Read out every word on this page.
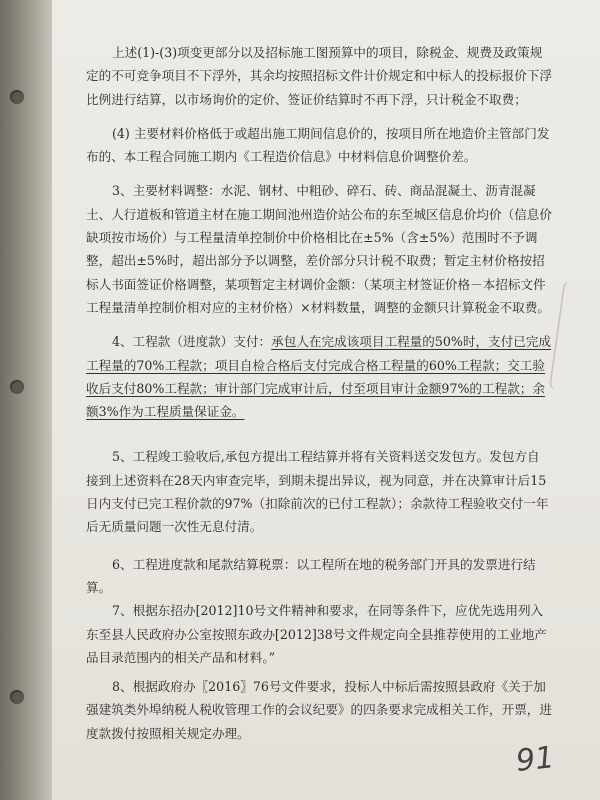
上述(1)-(3)项变更部分以及招标施工图预算中的项目，除税金、规费及政策规定的不可竞争项目不下浮外，其余均按照招标文件计价规定和中标人的投标报价下浮比例进行结算，以市场询价的定价、签证价结算时不再下浮，只计税金不取费；

(4) 主要材料价格低于或超出施工期间信息价的，按项目所在地造价主管部门发布的、本工程合同施工期内《工程造价信息》中材料信息价调整价差。

3、主要材料调整：水泥、钢材、中粗砂、碎石、砖、商品混凝土、沥青混凝土、人行道板和管道主材在施工期间池州造价站公布的东至城区信息价均价（信息价缺项按市场价）与工程量清单控制价中价格相比在±5%（含±5%）范围时不予调整，超出±5%时，超出部分予以调整，差价部分只计税不取费；暂定主材价格按招标人书面签证价格调整，某项暂定主材调价金额：（某项主材签证价格－本招标文件工程量清单控制价相对应的主材价格）×材料数量，调整的金额只计算税金不取费。

4、工程款（进度款）支付：承包人在完成该项目工程量的50%时，支付已完成工程量的70%工程款；项目自检合格后支付完成合格工程量的60%工程款；交工验收后支付80%工程款；审计部门完成审计后，付至项目审计金额97%的工程款；余额3%作为工程质量保证金。

5、工程竣工验收后,承包方提出工程结算并将有关资料送交发包方。发包方自接到上述资料在28天内审查完毕，到期未提出异议，视为同意，并在决算审计后15日内支付已完工程价款的97%（扣除前次的已付工程款）；余款待工程验收交付一年后无质量问题一次性无息付清。

6、工程进度款和尾款结算税票：以工程所在地的税务部门开具的发票进行结算。

7、根据东招办[2012]10号文件精神和要求，在同等条件下，应优先选用列入东至县人民政府办公室按照东政办[2012]38号文件规定向全县推荐使用的工业地产品目录范围内的相关产品和材料。”

8、根据政府办〖2016〗76号文件要求，投标人中标后需按照县政府《关于加强建筑类外埠纳税人税收管理工作的会议纪要》的四条要求完成相关工作，开票，进度款拨付按照相关规定办理。

91
